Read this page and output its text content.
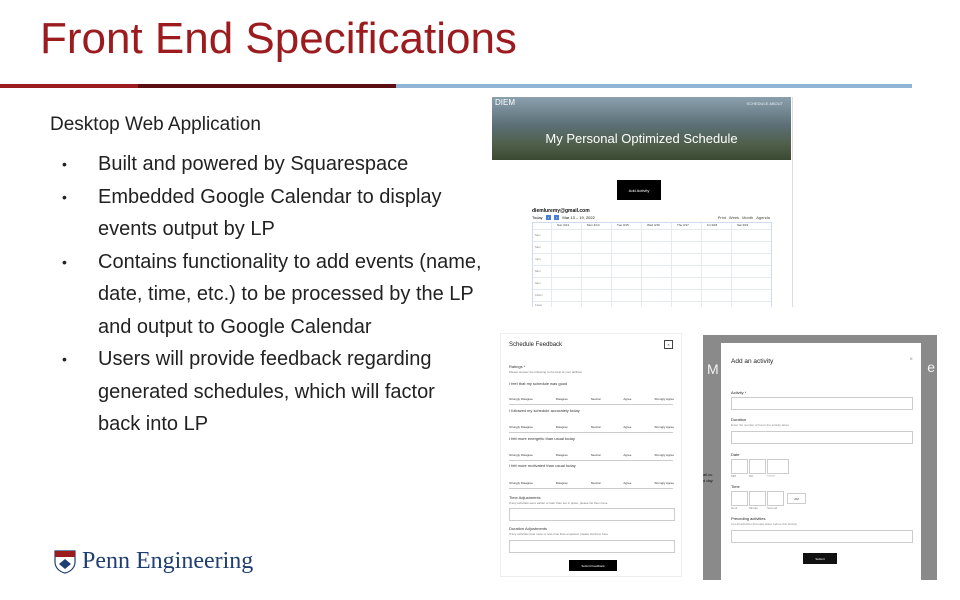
Front End Specifications
Desktop Web Application
• Built and powered by Squarespace
• Embedded Google Calendar to display events output by LP
• Contains functionality to add events (name, date, time, etc.) to be processed by the LP and output to Google Calendar
• Users will provide feedback regarding generated schedules, which will factor back into LP
Penn Engineering
DIEM	SCHEDULE ABOUT
My Personal Optimized Schedule
Add Activity
diemluremy@gmail.com
Today	‹	›	Mar 13 – 19, 2022	Print Week Month Agenda
Sun 3/13	Mon 3/14	Tue 3/15	Wed 3/16	Thu 3/17	Fri 3/18	Sat 3/19
5am
6am
7am
8am
9am
10am
11am
Schedule Feedback	×
Ratings *
Please answer the following to the best of your abilities
I feel that my schedule was good
Strongly Disagree	Disagree	Neutral	Agree	Strongly Agree
I followed my schedule accurately today
Strongly Disagree	Disagree	Neutral	Agree	Strongly Agree
I felt more energetic than usual today
Strongly Disagree	Disagree	Neutral	Agree	Strongly Agree
I felt more motivated than usual today
Strongly Disagree	Disagree	Neutral	Agree	Strongly Agree
Time Adjustments
If any activities were earlier or later than set in place, please list them here
Duration Adjustments
If any activities took more or less time than expected, please list them here
Submit Feedback
M	e
ail.co
d day
Add an activity	×
Activity *
Duration
Enter the number of hours the activity takes
Date
MM	DD	YYYY
Time
AM
Hour	Minute	Second
Preceding activities
List all activities that take place before this activity
Submit
